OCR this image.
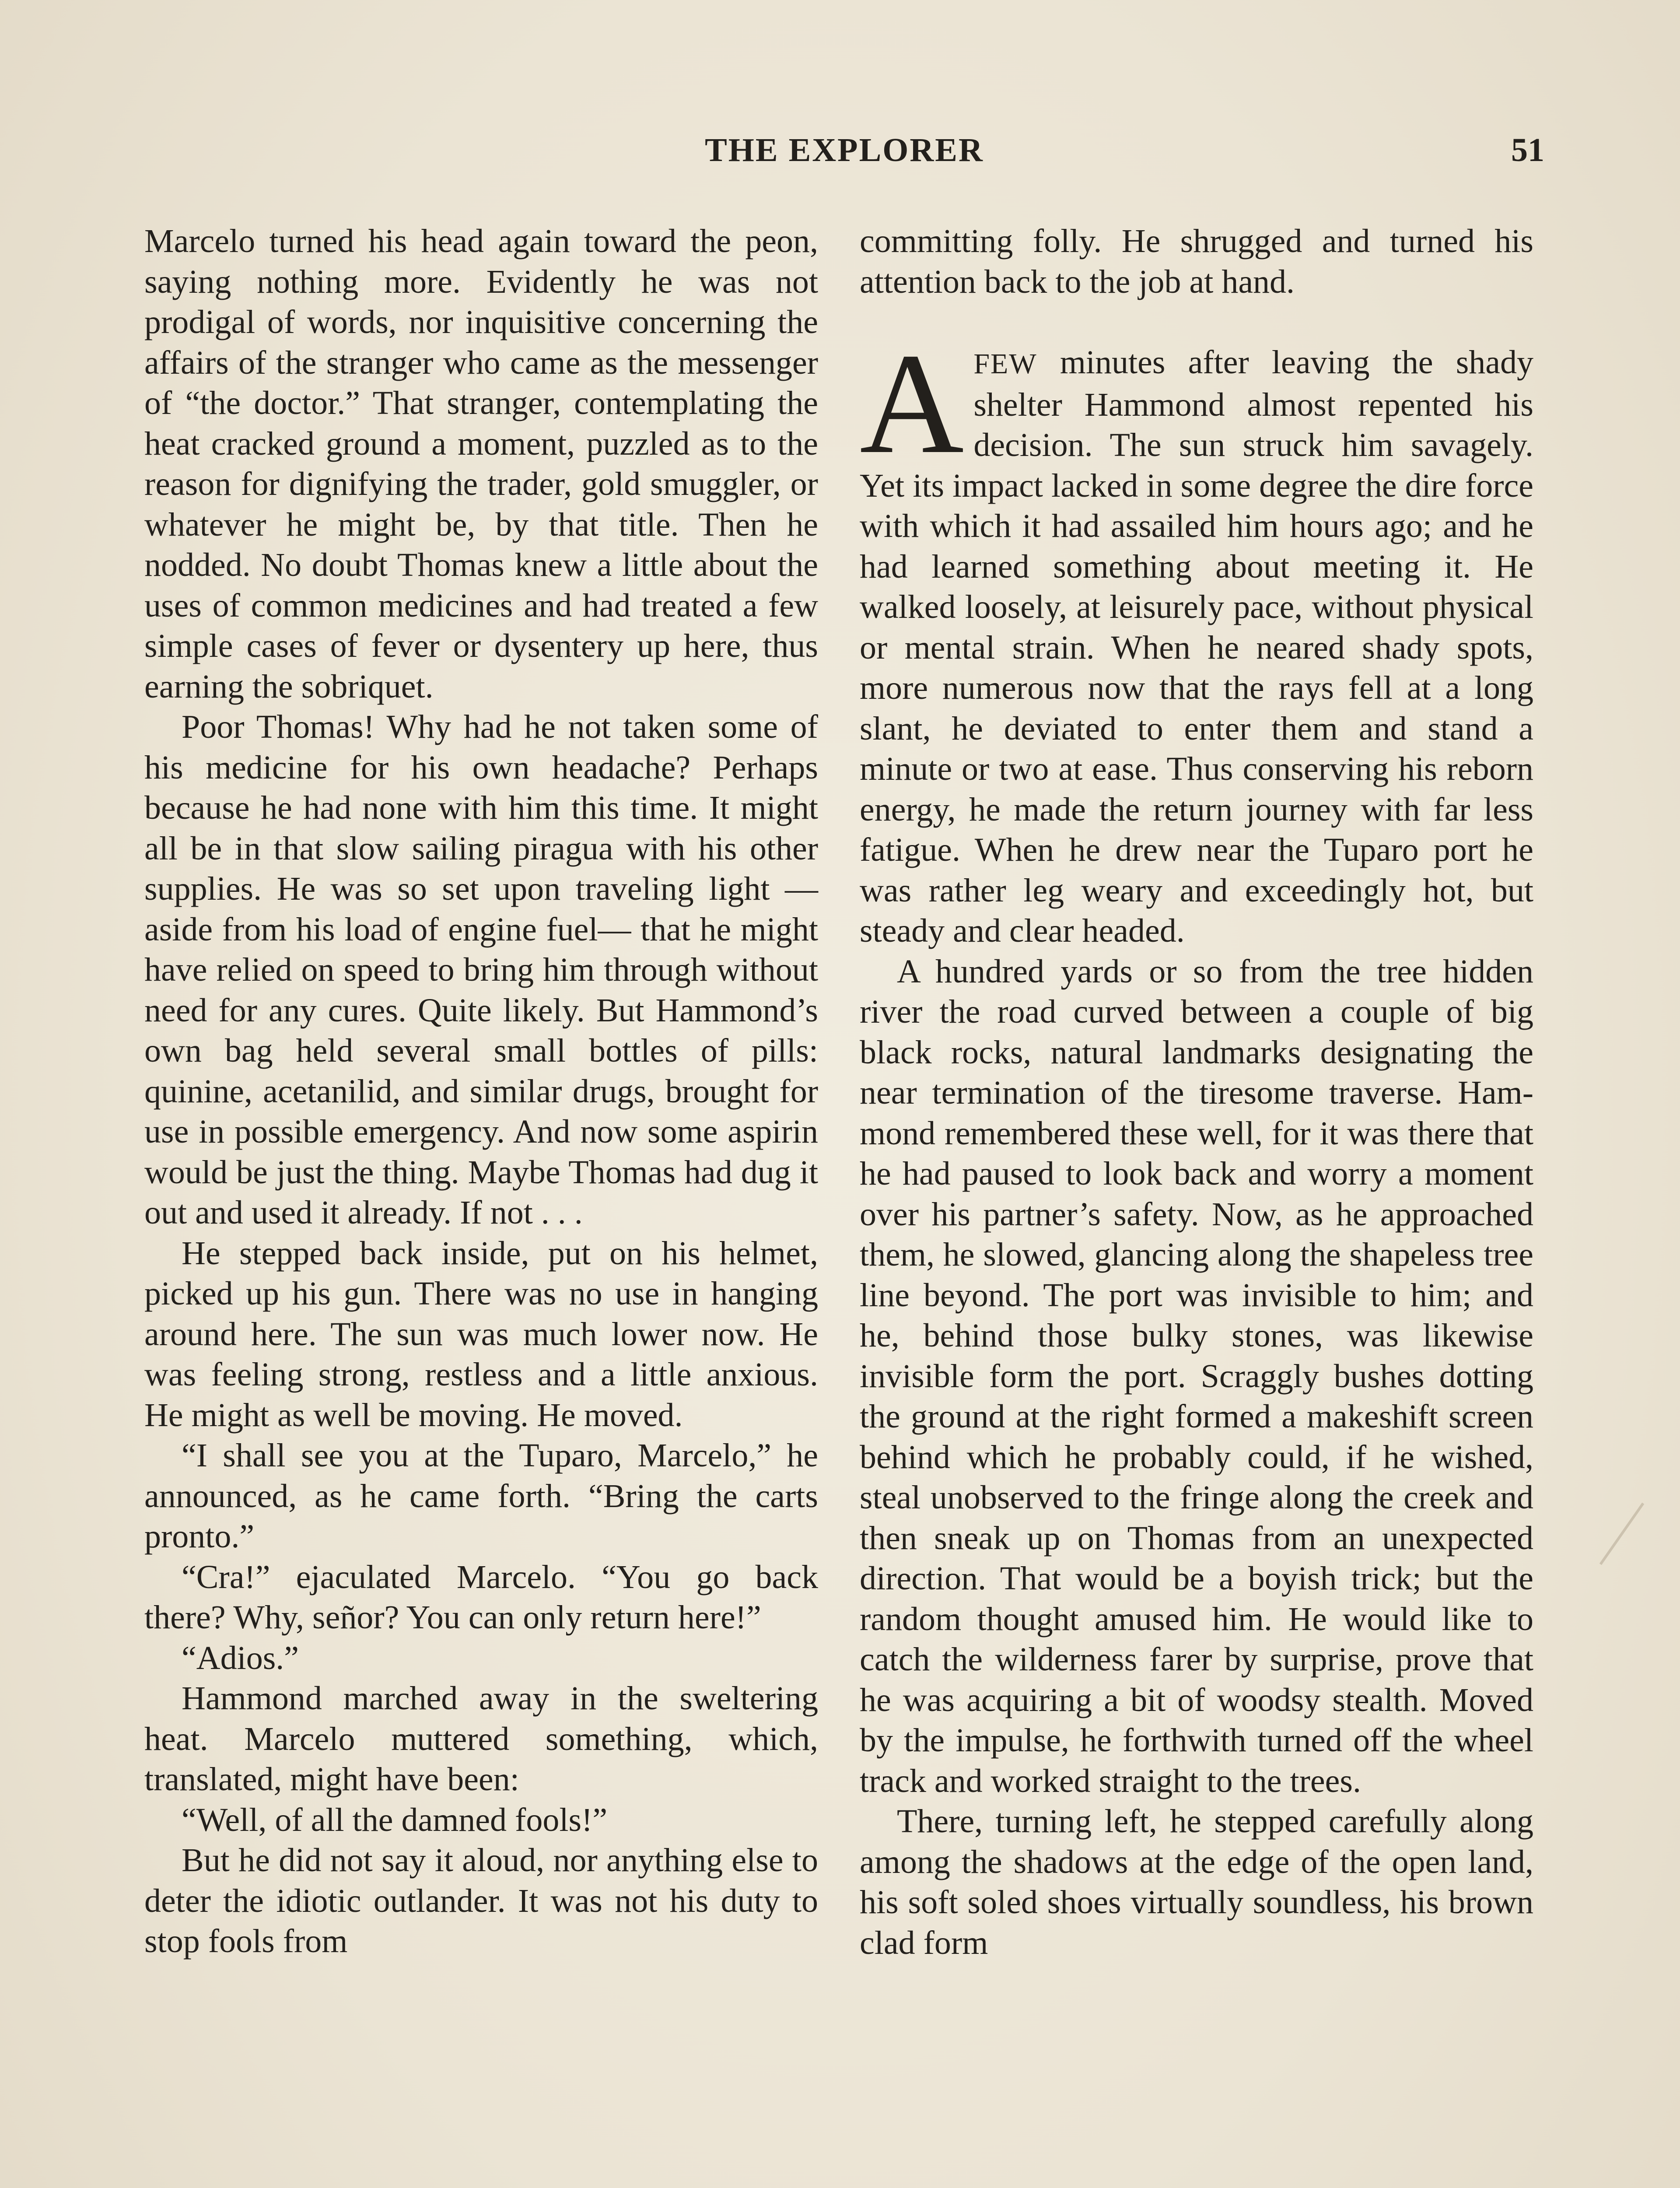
THE EXPLORER	51

Marcelo turned his head again toward the peon, saying nothing more. Evidently he was not prodigal of words, nor inquisitive concerning the affairs of the stranger who came as the messenger of “the doctor.” That stranger, contemplating the heat cracked ground a moment, puzzled as to the reason for dignifying the trader, gold smuggler, or whatever he might be, by that title. Then he nodded. No doubt Thomas knew a little about the uses of common medicines and had treated a few simple cases of fever or dysentery up here, thus earning the sobriquet.

Poor Thomas! Why had he not taken some of his medicine for his own headache? Perhaps because he had none with him this time. It might all be in that slow sailing piragua with his other supplies. He was so set upon traveling light —aside from his load of engine fuel— that he might have relied on speed to bring him through without need for any cures. Quite likely. But Hammond’s own bag held several small bottles of pills: quinine, acetanilid, and similar drugs, brought for use in possible emergency. And now some aspirin would be just the thing. Maybe Thomas had dug it out and used it already. If not . . .

He stepped back inside, put on his helmet, picked up his gun. There was no use in hanging around here. The sun was much lower now. He was feeling strong, restless and a little anxious. He might as well be moving. He moved.

“I shall see you at the Tuparo, Marcelo,” he announced, as he came forth. “Bring the carts pronto.”

“Cra!” ejaculated Marcelo. “You go back there? Why, señor? You can only return here!”

“Adios.”

Hammond marched away in the sweltering heat. Marcelo muttered something, which, translated, might have been:

“Well, of all the damned fools!”

But he did not say it aloud, nor anything else to deter the idiotic outlander. It was not his duty to stop fools from

committing folly. He shrugged and turned his attention back to the job at hand.

AFEW minutes after leaving the shady shelter Hammond almost repented his decision. The sun struck him savagely. Yet its impact lacked in some degree the dire force with which it had assailed him hours ago; and he had learned something about meeting it. He walked loosely, at leisurely pace, without physical or mental strain. When he neared shady spots, more numerous now that the rays fell at a long slant, he deviated to enter them and stand a minute or two at ease. Thus conserving his reborn energy, he made the return journey with far less fatigue. When he drew near the Tuparo port he was rather leg weary and exceedingly hot, but steady and clear headed.

A hundred yards or so from the tree hidden river the road curved between a couple of big black rocks, natural landmarks designating the near termination of the tiresome traverse. Hammond remembered these well, for it was there that he had paused to look back and worry a moment over his partner’s safety. Now, as he approached them, he slowed, glancing along the shapeless tree line beyond. The port was invisible to him; and he, behind those bulky stones, was likewise invisible form the port. Scraggly bushes dotting the ground at the right formed a makeshift screen behind which he probably could, if he wished, steal unobserved to the fringe along the creek and then sneak up on Thomas from an unexpected direction. That would be a boyish trick; but the random thought amused him. He would like to catch the wilderness farer by surprise, prove that he was acquiring a bit of woodsy stealth. Moved by the impulse, he forthwith turned off the wheel track and worked straight to the trees.

There, turning left, he stepped carefully along among the shadows at the edge of the open land, his soft soled shoes virtually soundless, his brown clad form
